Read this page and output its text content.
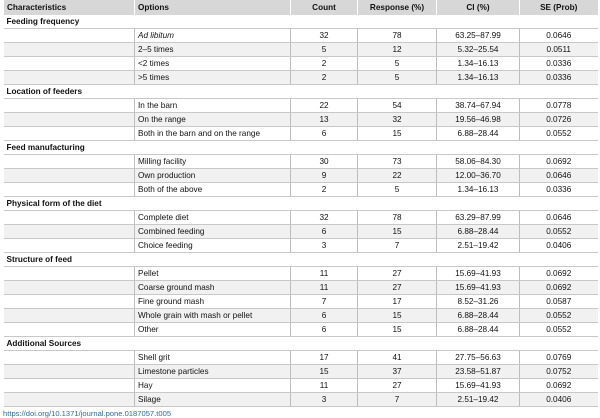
Characteristics	Options	Count	Response (%)	CI (%)	SE (Prob)
Feeding frequency					
	Ad libitum	32	78	63.25–87.99	0.0646
	2–5 times	5	12	5.32–25.54	0.0511
	<2 times	2	5	1.34–16.13	0.0336
	>5 times	2	5	1.34–16.13	0.0336
Location of feeders					
	In the barn	22	54	38.74–67.94	0.0778
	On the range	13	32	19.56–46.98	0.0726
	Both in the barn and on the range	6	15	6.88–28.44	0.0552
Feed manufacturing					
	Milling facility	30	73	58.06–84.30	0.0692
	Own production	9	22	12.00–36.70	0.0646
	Both of the above	2	5	1.34–16.13	0.0336
Physical form of the diet					
	Complete diet	32	78	63.29–87.99	0.0646
	Combined feeding	6	15	6.88–28.44	0.0552
	Choice feeding	3	7	2.51–19.42	0.0406
Structure of feed					
	Pellet	11	27	15.69–41.93	0.0692
	Coarse ground mash	11	27	15.69–41.93	0.0692
	Fine ground mash	7	17	8.52–31.26	0.0587
	Whole grain with mash or pellet	6	15	6.88–28.44	0.0552
	Other	6	15	6.88–28.44	0.0552
Additional Sources					
	Shell grit	17	41	27.75–56.63	0.0769
	Limestone particles	15	37	23.58–51.87	0.0752
	Hay	11	27	15.69–41.93	0.0692
	Silage	3	7	2.51–19.42	0.0406
https://doi.org/10.1371/journal.pone.0187057.t005
